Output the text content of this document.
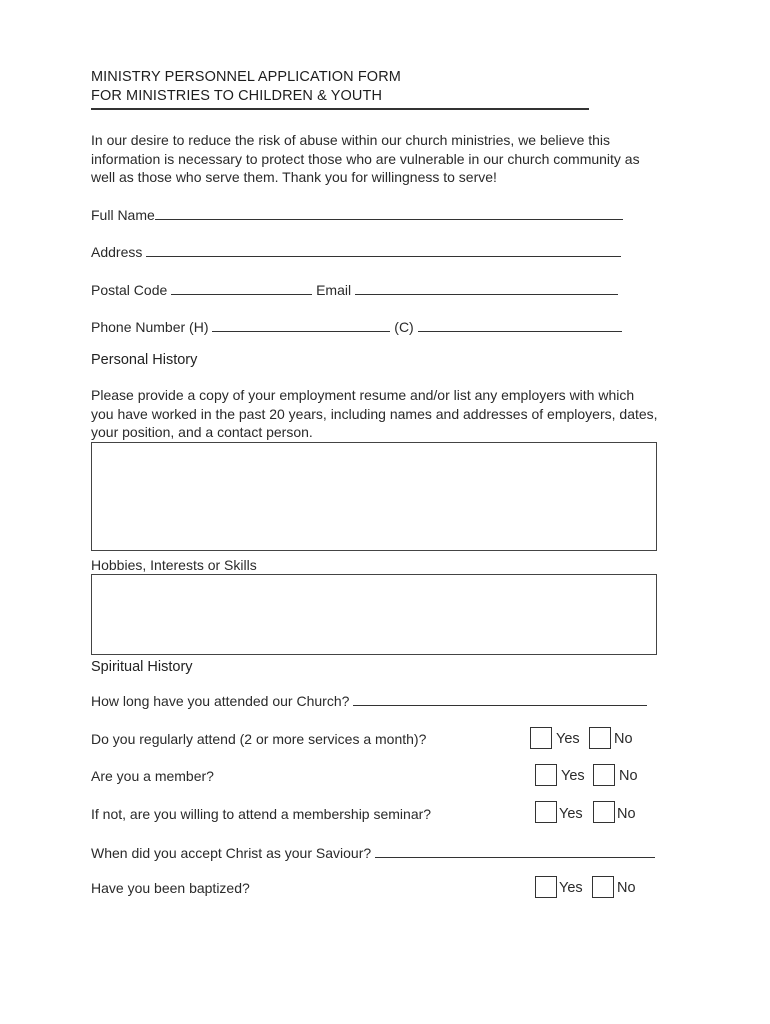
MINISTRY PERSONNEL APPLICATION FORM
FOR MINISTRIES TO CHILDREN & YOUTH
In our desire to reduce the risk of abuse within our church ministries, we believe this
information is necessary to protect those who are vulnerable in our church community as
well as those who serve them. Thank you for willingness to serve!
Full Name
Address
Postal Code	Email
Phone Number (H)	(C)
Personal History
Please provide a copy of your employment resume and/or list any employers with which
you have worked in the past 20 years, including names and addresses of employers, dates,
your position, and a contact person.
Hobbies, Interests or Skills
Spiritual History
How long have you attended our Church?
Do you regularly attend (2 or more services a month)?	Yes No
Are you a member?	Yes No
If not, are you willing to attend a membership seminar?	Yes No
When did you accept Christ as your Saviour?
Have you been baptized?	Yes No
